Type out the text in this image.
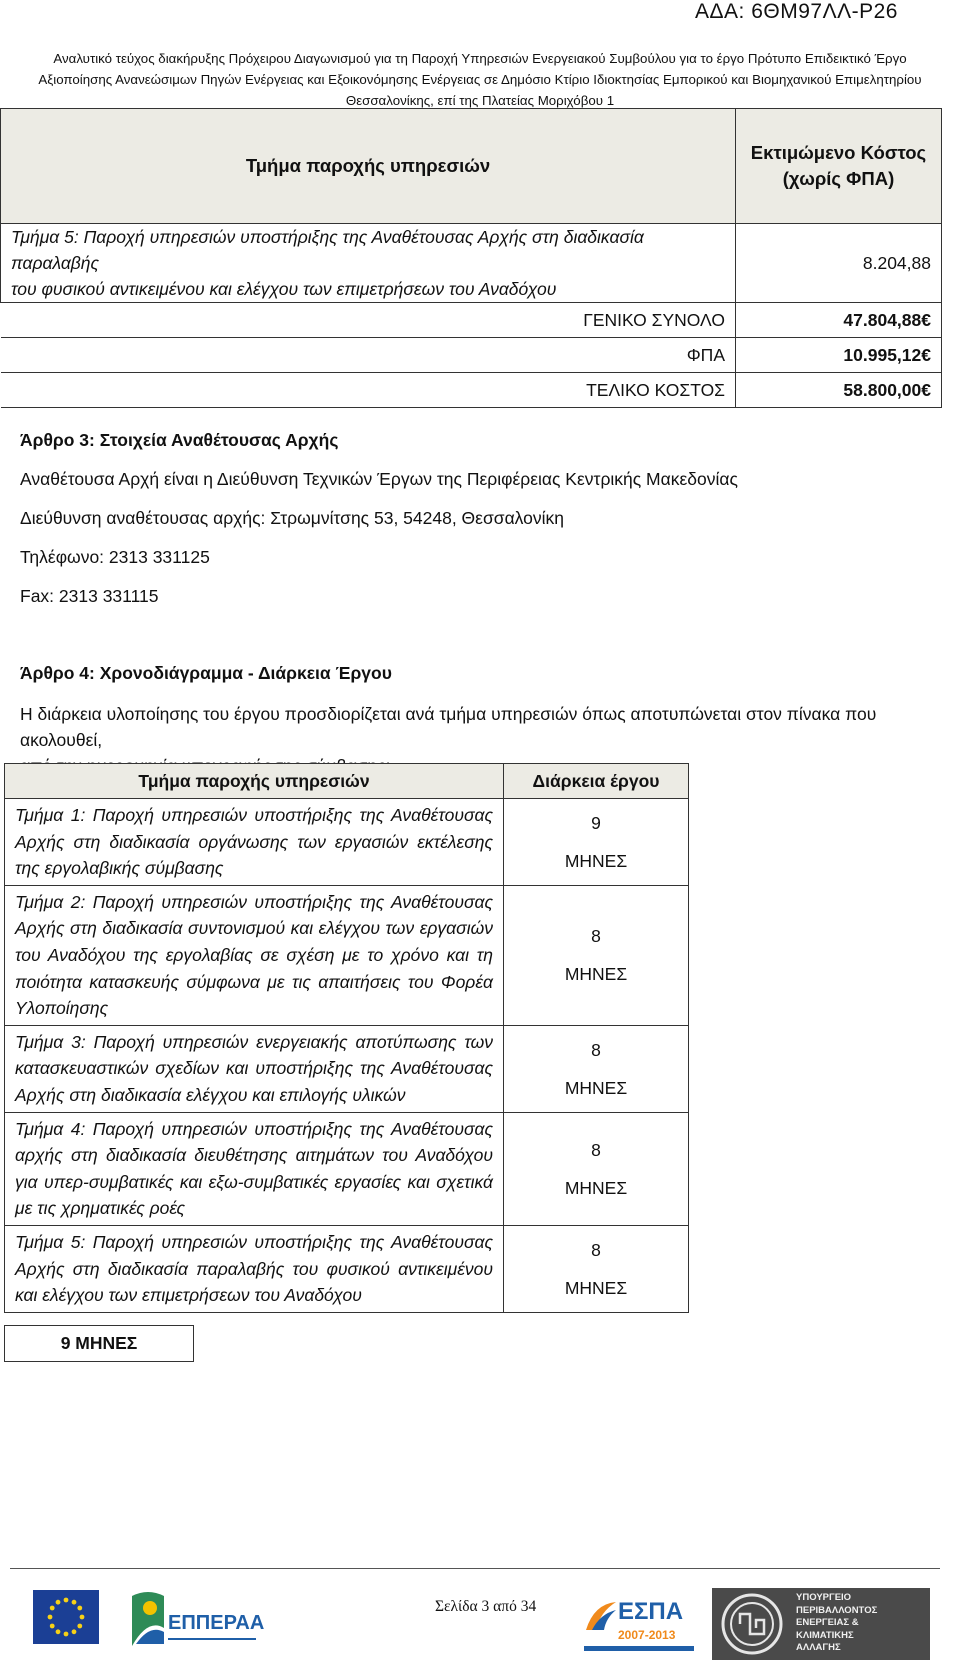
ΑΔΑ: 6ΘΜ97ΛΛ-Ρ26
Αναλυτικό τεύχος διακήρυξης Πρόχειρου Διαγωνισμού για τη Παροχή Υπηρεσιών Ενεργειακού Συμβούλου για το έργο Πρότυπο Επιδεικτικό Έργο
Αξιοποίησης Ανανεώσιμων Πηγών Ενέργειας και Εξοικονόμησης Ενέργειας σε Δημόσιο Κτίριο Ιδιοκτησίας Εμπορικού και Βιομηχανικού Επιμελητηρίου
Θεσσαλονίκης, επί της Πλατείας Μοριχόβου 1
Τμήμα παροχής υπηρεσιών	Εκτιμώμενο Κόστος
(χωρίς ΦΠΑ)

Τμήμα 5: Παροχή υπηρεσιών υποστήριξης της Αναθέτουσας Αρχής στη διαδικασία παραλαβής
του φυσικού αντικειμένου και ελέγχου των επιμετρήσεων του Αναδόχου	8.204,88
ΓΕΝΙΚΟ ΣΥΝΟΛΟ	47.804,88€
ΦΠΑ	10.995,12€
ΤΕΛΙΚΟ ΚΟΣΤΟΣ	58.800,00€
Άρθρο 3: Στοιχεία Αναθέτουσας Αρχής
Αναθέτουσα Αρχή είναι η Διεύθυνση Τεχνικών Έργων της Περιφέρειας Κεντρικής Μακεδονίας
Διεύθυνση αναθέτουσας αρχής: Στρωμνίτσης 53, 54248, Θεσσαλονίκη
Τηλέφωνο: 2313 331125
Fax: 2313 331115
Άρθρο 4: Χρονοδιάγραμμα - Διάρκεια Έργου
Η διάρκεια υλοποίησης του έργου προσδιορίζεται ανά τμήμα υπηρεσιών όπως αποτυπώνεται στον πίνακα που ακολουθεί,
Τμήμα παροχής υπηρεσιών	Διάρκεια έργου
Τμήμα 1: Παροχή υπηρεσιών υποστήριξης της Αναθέτουσας Αρχής στη διαδικασία οργάνωσης των εργασιών εκτέλεσης της εργολαβικής σύμβασης	9
ΜΗΝΕΣ

Τμήμα 2: Παροχή υπηρεσιών υποστήριξης της Αναθέτουσας Αρχής στη διαδικασία συντονισμού και ελέγχου των εργασιών του Αναδόχου της εργολαβίας σε σχέση με το χρόνο και τη ποιότητα κατασκευής σύμφωνα με τις απαιτήσεις του Φορέα Υλοποίησης	8
ΜΗΝΕΣ

Τμήμα 3: Παροχή υπηρεσιών ενεργειακής αποτύπωσης των κατασκευαστικών σχεδίων και υποστήριξης της Αναθέτουσας Αρχής στη διαδικασία ελέγχου και επιλογής υλικών	8
ΜΗΝΕΣ

Τμήμα 4: Παροχή υπηρεσιών υποστήριξης της Αναθέτουσας αρχής στη διαδικασία διευθέτησης αιτημάτων του Αναδόχου για υπερ-συμβατικές και εξω-συμβατικές εργασίες και σχετικά με τις χρηματικές ροές	8
ΜΗΝΕΣ

Τμήμα 5: Παροχή υπηρεσιών υποστήριξης της Αναθέτουσας Αρχής στη διαδικασία παραλαβής του φυσικού αντικειμένου και ελέγχου των επιμετρήσεων του Αναδόχου	8
ΜΗΝΕΣ
9 ΜΗΝΕΣ
ΕΠΠΕΡΑΑ
Σελίδα 3 από 34	ΕΣΠΑ
2007-2013
ΥΠΟΥΡΓΕΙΟ
ΠΕΡΙΒΑΛΛΟΝΤΟΣ
ΕΝΕΡΓΕΙΑΣ &
ΚΛΙΜΑΤΙΚΗΣ
ΑΛΛΑΓΗΣ
